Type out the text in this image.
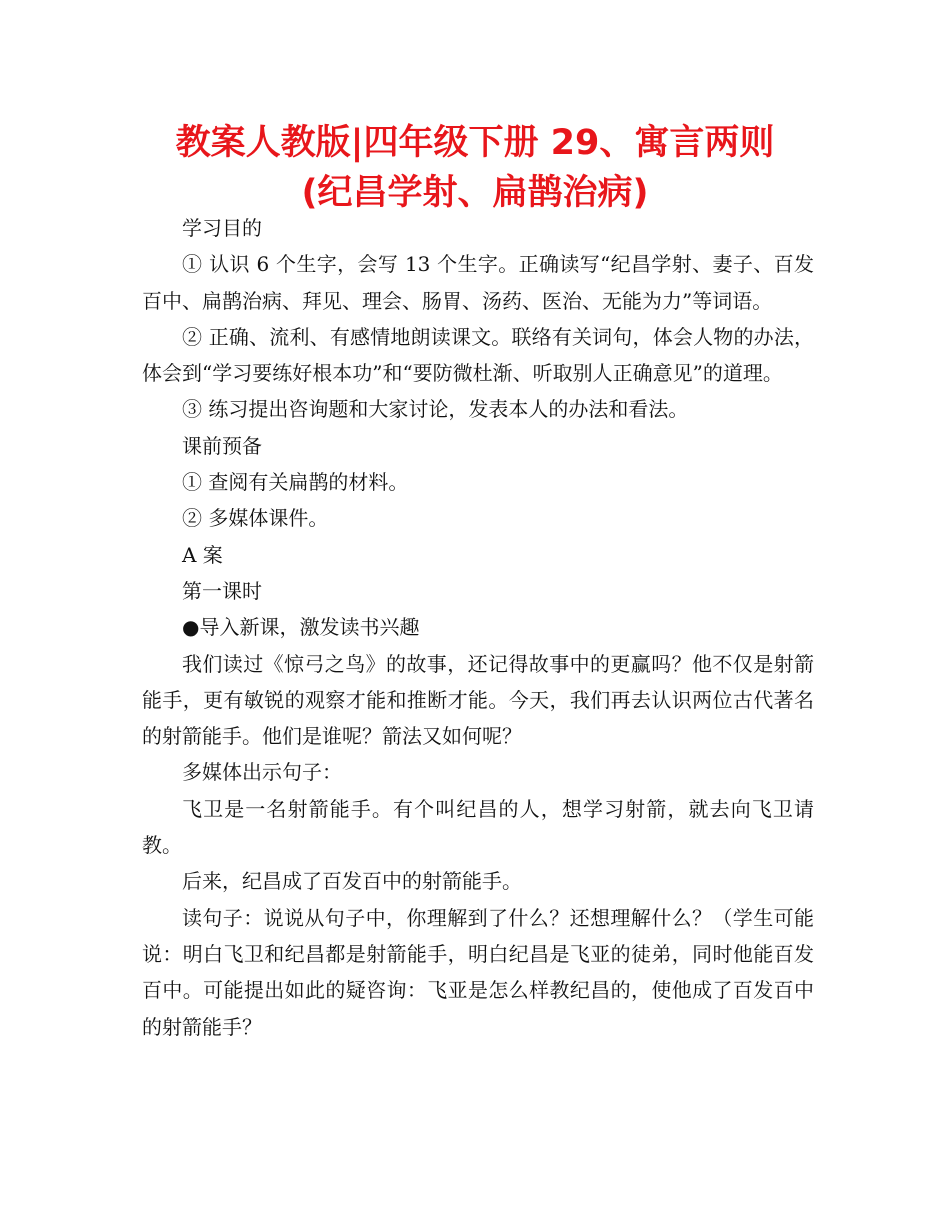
教案人教版|四年级下册 29、寓言两则
(纪昌学射、扁鹊治病)

学习目的

① 认识 6 个生字，会写 13 个生字。正确读写“纪昌学射、妻子、百发百中、扁鹊治病、拜见、理会、肠胃、汤药、医治、无能为力”等词语。

② 正确、流利、有感情地朗读课文。联络有关词句，体会人物的办法，体会到“学习要练好根本功”和“要防微杜渐、听取别人正确意见”的道理。

③ 练习提出咨询题和大家讨论，发表本人的办法和看法。

课前预备

① 查阅有关扁鹊的材料。

② 多媒体课件。

A 案

第一课时

●导入新课，激发读书兴趣

我们读过《惊弓之鸟》的故事，还记得故事中的更赢吗？他不仅是射箭能手，更有敏锐的观察才能和推断才能。今天，我们再去认识两位古代著名的射箭能手。他们是谁呢？箭法又如何呢？

多媒体出示句子：

飞卫是一名射箭能手。有个叫纪昌的人，想学习射箭，就去向飞卫请教。

后来，纪昌成了百发百中的射箭能手。

读句子：说说从句子中，你理解到了什么？还想理解什么？（学生可能说：明白飞卫和纪昌都是射箭能手，明白纪昌是飞亚的徒弟，同时他能百发百中。可能提出如此的疑咨询：飞亚是怎么样教纪昌的，使他成了百发百中的射箭能手？
